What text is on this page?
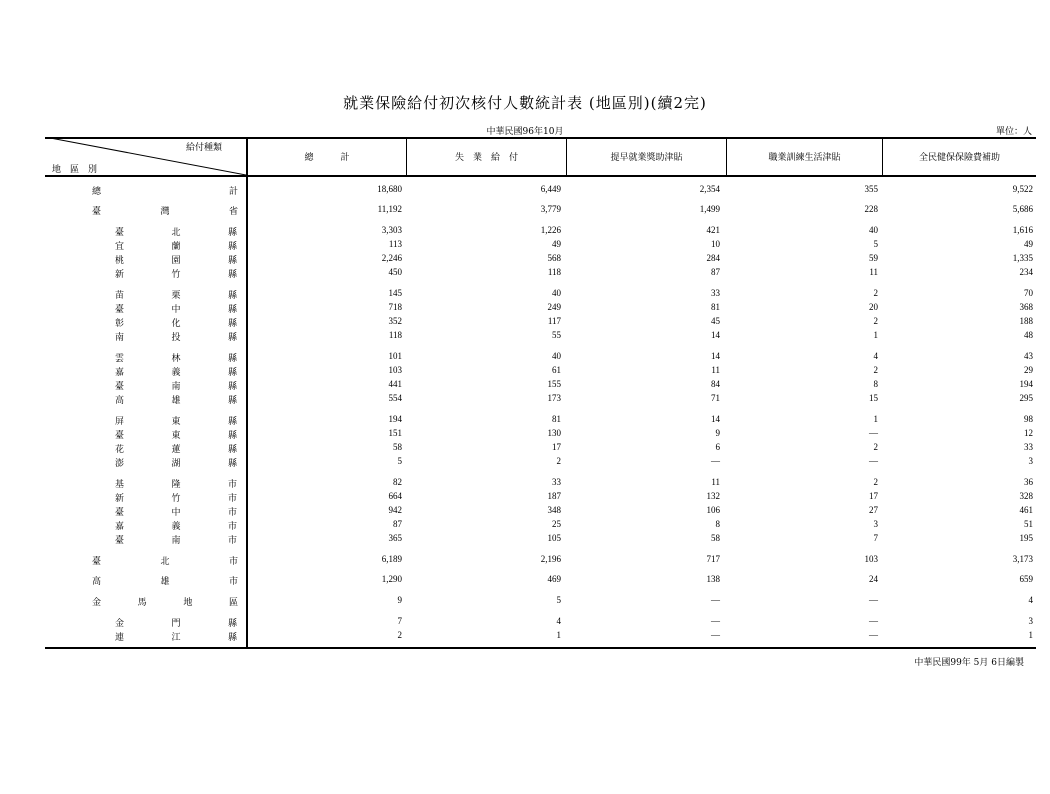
就業保險給付初次核付人數統計表 (地區別)(續2完)
中華民國96年10月	單位：人
給付種類
地區別
總　　　計	失　業　給　付	提早就業獎助津貼	職業訓練生活津貼	全民健保保險費補助
總	計	18,680	6,449	2,354	355	9,522
臺	灣	省	11,192	3,779	1,499	228	5,686
臺	北	縣	3,303	1,226	421	40	1,616
宜	蘭	縣	113	49	10	5	49
桃	園	縣	2,246	568	284	59	1,335
新	竹	縣	450	118	87	11	234
苗	栗	縣	145	40	33	2	70
臺	中	縣	718	249	81	20	368
彰	化	縣	352	117	45	2	188
南	投	縣	118	55	14	1	48
雲	林	縣	101	40	14	4	43
嘉	義	縣	103	61	11	2	29
臺	南	縣	441	155	84	8	194
高	雄	縣	554	173	71	15	295
屏	東	縣	194	81	14	1	98
臺	東	縣	151	130	9	—	12
花	蓮	縣	58	17	6	2	33
澎	湖	縣	5	2	—	—	3
基	隆	市	82	33	11	2	36
新	竹	市	664	187	132	17	328
臺	中	市	942	348	106	27	461
嘉	義	市	87	25	8	3	51
臺	南	市	365	105	58	7	195
臺	北	市	6,189	2,196	717	103	3,173
高	雄	市	1,290	469	138	24	659
金	馬	地	區	9	5	—	—	4
金	門	縣	7	4	—	—	3
連	江	縣	2	1	—	—	1
中華民國99年 5月 6日編製
